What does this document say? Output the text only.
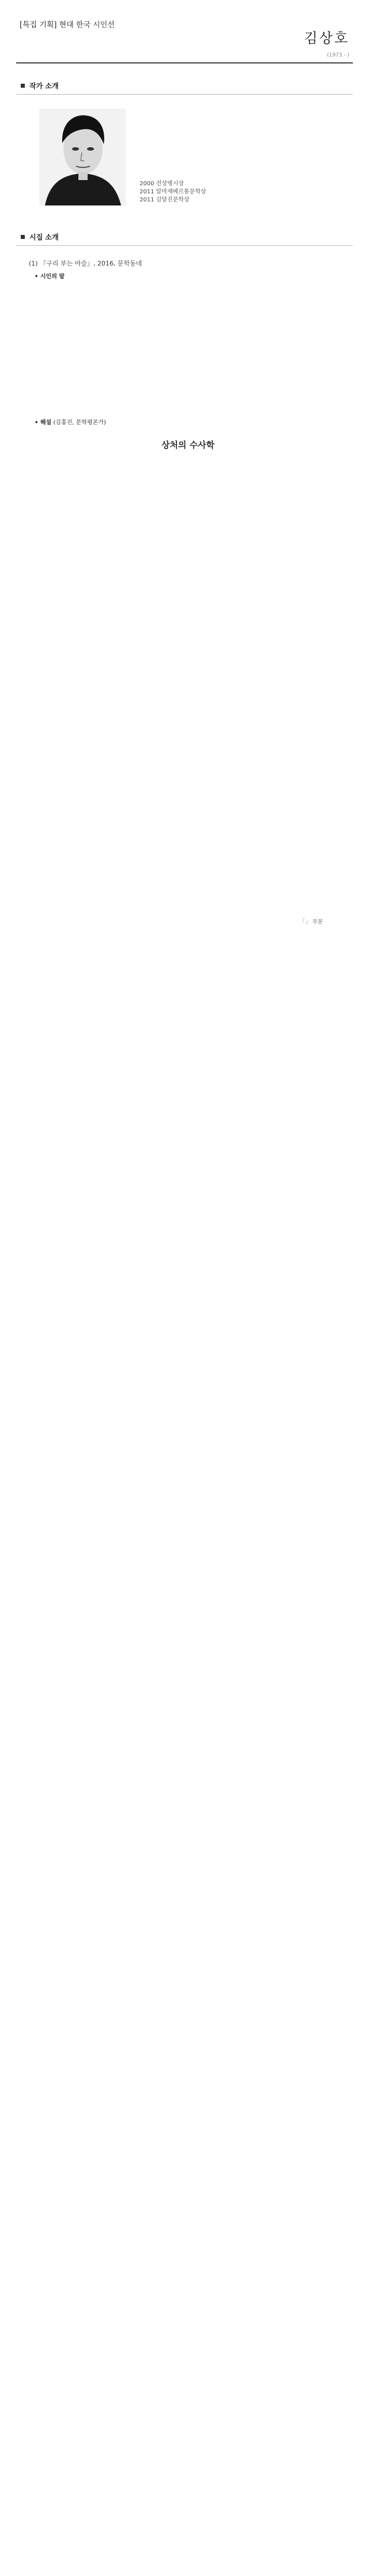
[특집 기획] 현대 한국 시인선
김상호
(1973 - )
작가 소개

2000 전상병시상
2011 알마재베르통문학상
2011 김달진문학상
시집 소개
(1) 『구리 부는 아슬』, 2016, 문학동네
• 시인의 말
• 해설 (김홍진, 문학평론가)
상처의 수사학
「」 부분
